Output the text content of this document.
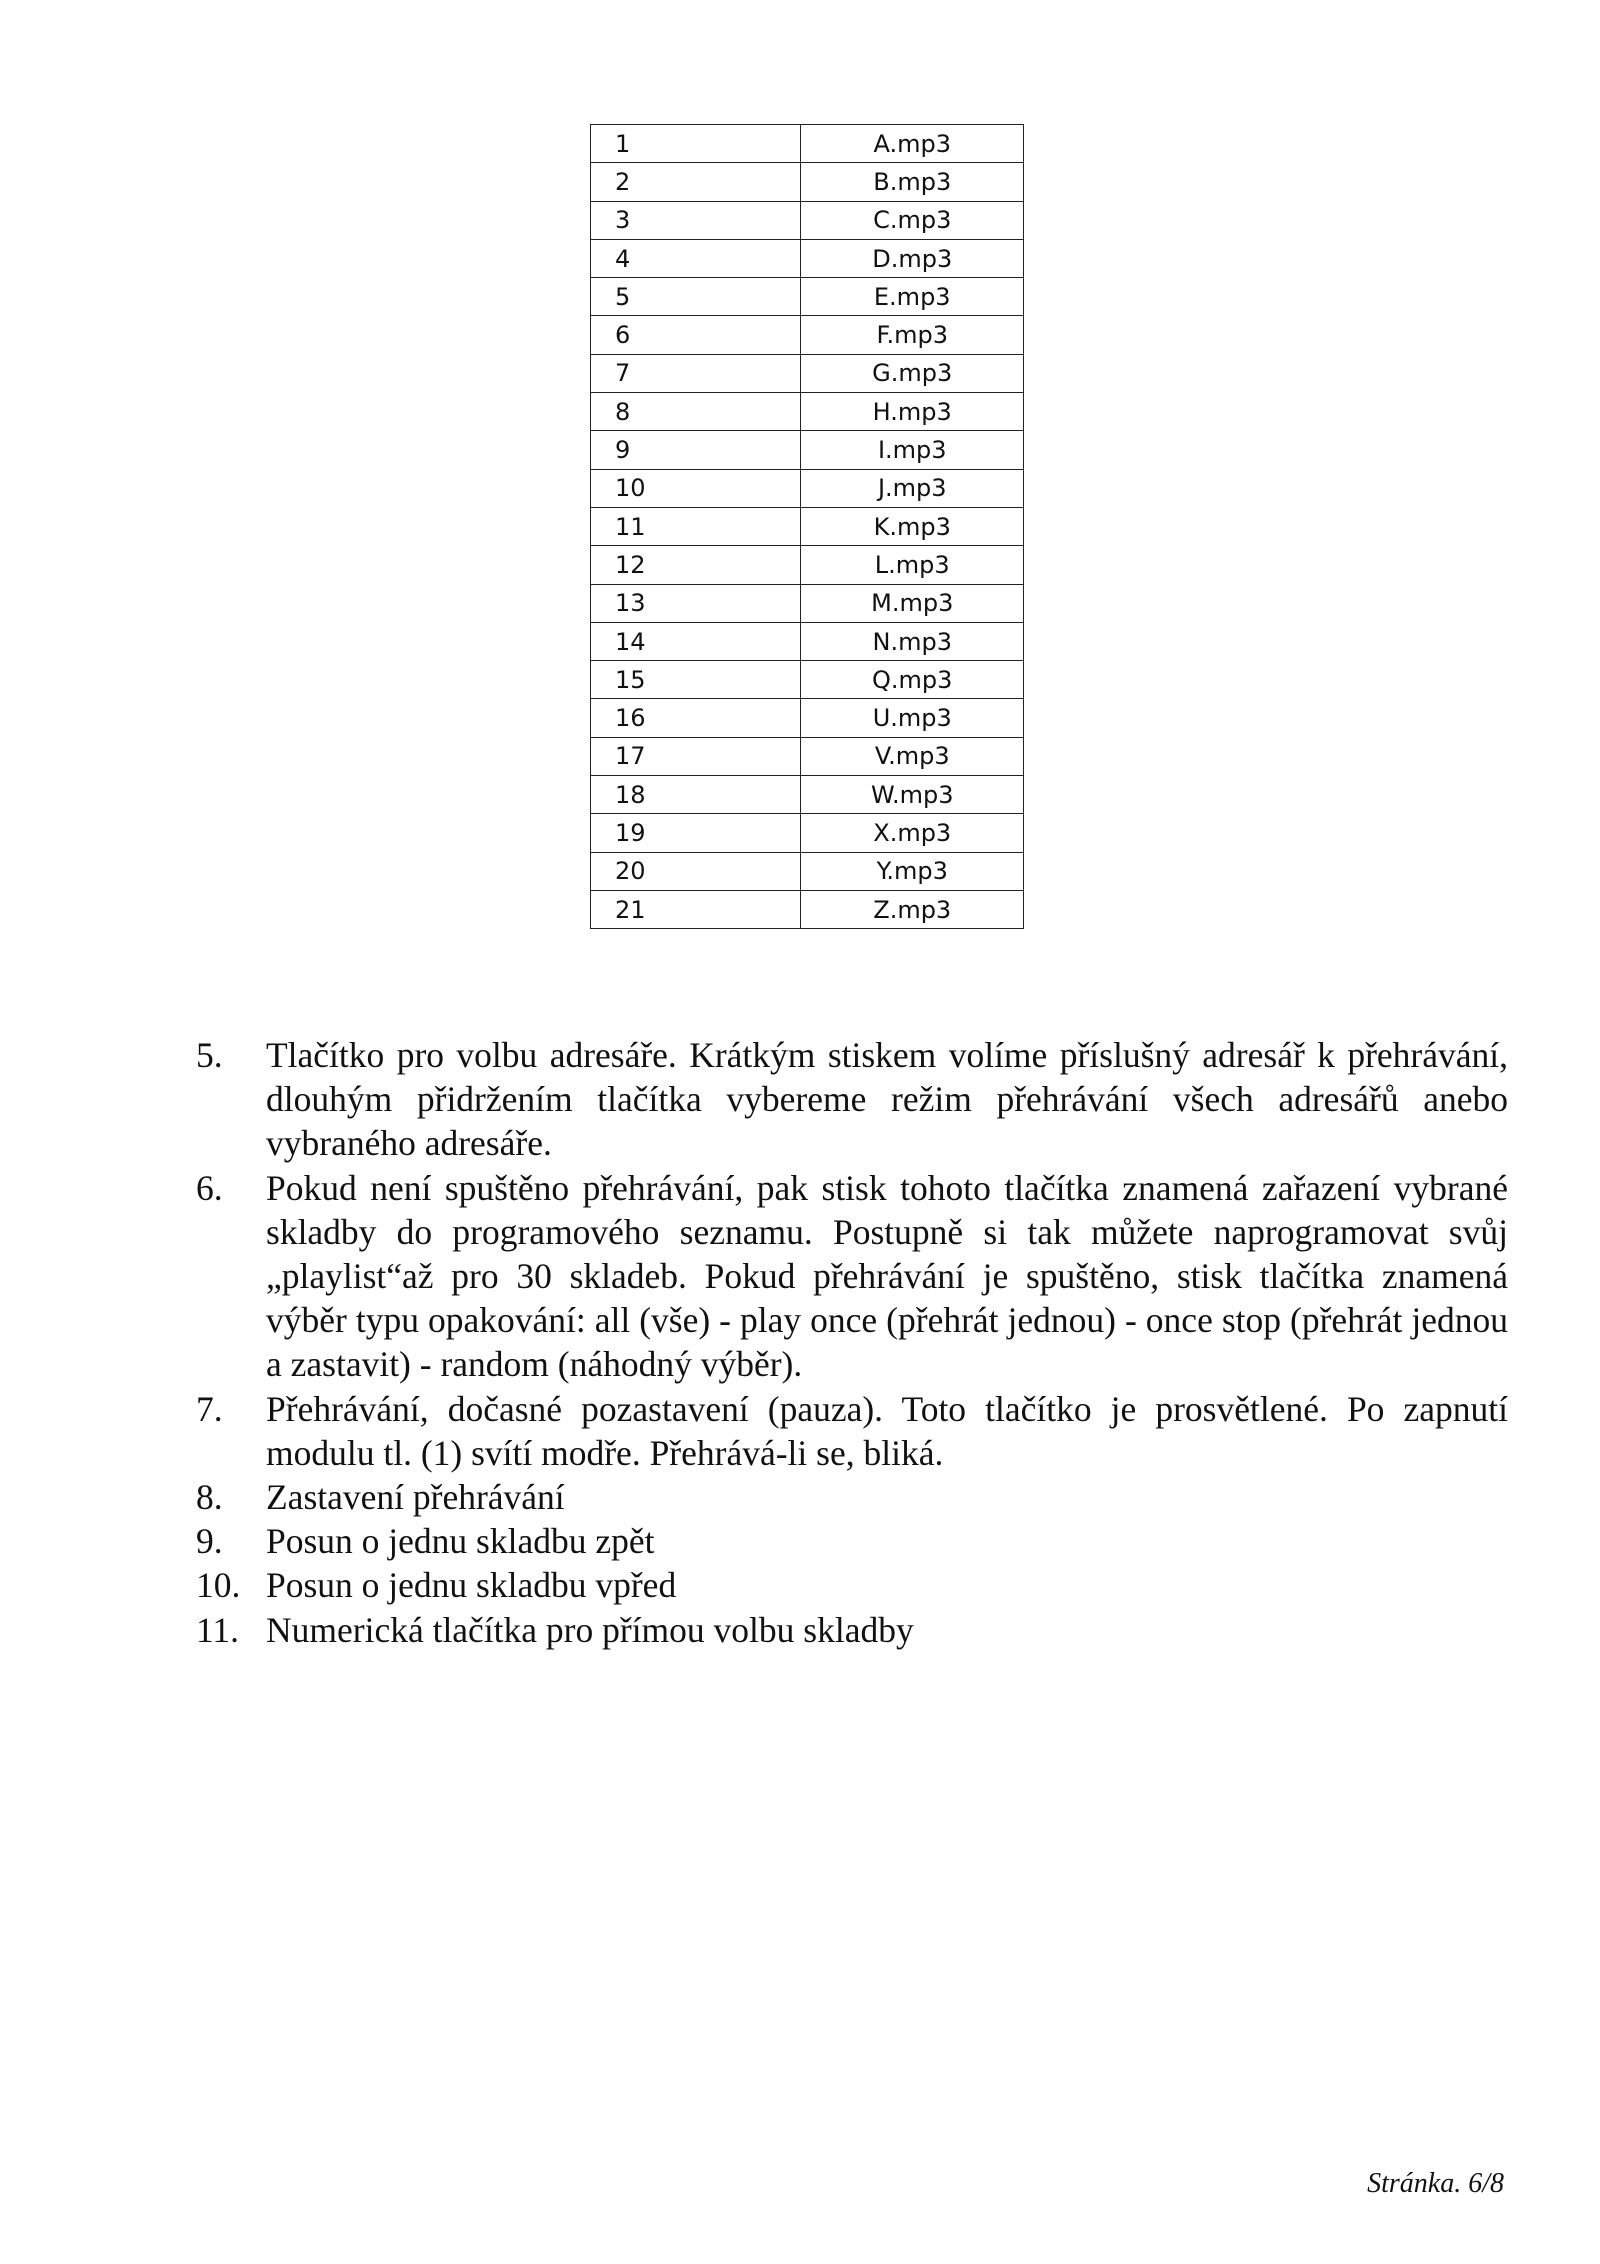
1	A.mp3
2	B.mp3
3	C.mp3
4	D.mp3
5	E.mp3
6	F.mp3
7	G.mp3
8	H.mp3
9	I.mp3
10	J.mp3
11	K.mp3
12	L.mp3
13	M.mp3
14	N.mp3
15	Q.mp3
16	U.mp3
17	V.mp3
18	W.mp3
19	X.mp3
20	Y.mp3
21	Z.mp3
5. Tlačítko pro volbu adresáře. Krátkým stiskem volíme příslušný adresář k přehrávání, dlouhým přidržením tlačítka vybereme režim přehrávání všech adresářů anebo vybraného adresáře.
6. Pokud není spuštěno přehrávání, pak stisk tohoto tlačítka znamená zařazení vybrané skladby do programového seznamu. Postupně si tak můžete naprogramovat svůj „playlist“až pro 30 skladeb. Pokud přehrávání je spuštěno, stisk tlačítka znamená výběr typu opakování: all (vše) - play once (přehrát jednou) - once stop (přehrát jednou a zastavit) - random (náhodný výběr).
7. Přehrávání, dočasné pozastavení (pauza). Toto tlačítko je prosvětlené. Po zapnutí modulu tl. (1) svítí modře. Přehrává-li se, bliká.
8. Zastavení přehrávání
9. Posun o jednu skladbu zpět
10. Posun o jednu skladbu vpřed
11. Numerická tlačítka pro přímou volbu skladby
Stránka. 6/8
